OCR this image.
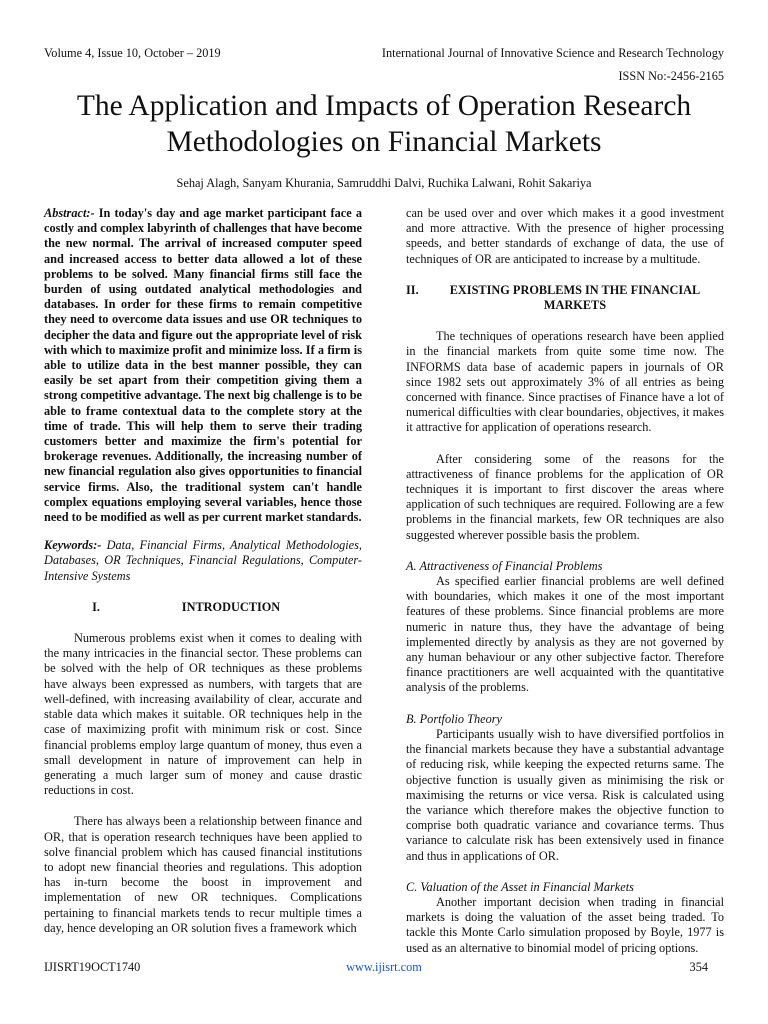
Volume 4, Issue 10, October – 2019	International Journal of Innovative Science and Research Technology
ISSN No:-2456-2165
The Application and Impacts of Operation Research Methodologies on Financial Markets
Sehaj Alagh, Sanyam Khurania, Samruddhi Dalvi, Ruchika Lalwani, Rohit Sakariya

Abstract:- In today's day and age market participant face a costly and complex labyrinth of challenges that have become the new normal. The arrival of increased computer speed and increased access to better data allowed a lot of these problems to be solved. Many financial firms still face the burden of using outdated analytical methodologies and databases. In order for these firms to remain competitive they need to overcome data issues and use OR techniques to decipher the data and figure out the appropriate level of risk with which to maximize profit and minimize loss. If a firm is able to utilize data in the best manner possible, they can easily be set apart from their competition giving them a strong competitive advantage. The next big challenge is to be able to frame contextual data to the complete story at the time of trade. This will help them to serve their trading customers better and maximize the firm's potential for brokerage revenues. Additionally, the increasing number of new financial regulation also gives opportunities to financial service firms. Also, the traditional system can't handle complex equations employing several variables, hence those need to be modified as well as per current market standards.

Keywords:- Data, Financial Firms, Analytical Methodologies, Databases, OR Techniques, Financial Regulations, Computer-Intensive Systems

I.	INTRODUCTION

Numerous problems exist when it comes to dealing with the many intricacies in the financial sector. These problems can be solved with the help of OR techniques as these problems have always been expressed as numbers, with targets that are well-defined, with increasing availability of clear, accurate and stable data which makes it suitable. OR techniques help in the case of maximizing profit with minimum risk or cost. Since financial problems employ large quantum of money, thus even a small development in nature of improvement can help in generating a much larger sum of money and cause drastic reductions in cost.

There has always been a relationship between finance and OR, that is operation research techniques have been applied to solve financial problem which has caused financial institutions to adopt new financial theories and regulations. This adoption has in-turn become the boost in improvement and implementation of new OR techniques. Complications pertaining to financial markets tends to recur multiple times a day, hence developing an OR solution fives a framework which

can be used over and over which makes it a good investment and more attractive. With the presence of higher processing speeds, and better standards of exchange of data, the use of techniques of OR are anticipated to increase by a multitude.

II.	EXISTING PROBLEMS IN THE FINANCIAL MARKETS

The techniques of operations research have been applied in the financial markets from quite some time now. The INFORMS data base of academic papers in journals of OR since 1982 sets out approximately 3% of all entries as being concerned with finance. Since practises of Finance have a lot of numerical difficulties with clear boundaries, objectives, it makes it attractive for application of operations research.

After considering some of the reasons for the attractiveness of finance problems for the application of OR techniques it is important to first discover the areas where application of such techniques are required. Following are a few problems in the financial markets, few OR techniques are also suggested wherever possible basis the problem.

A. Attractiveness of Financial Problems

As specified earlier financial problems are well defined with boundaries, which makes it one of the most important features of these problems. Since financial problems are more numeric in nature thus, they have the advantage of being implemented directly by analysis as they are not governed by any human behaviour or any other subjective factor. Therefore finance practitioners are well acquainted with the quantitative analysis of the problems.

B. Portfolio Theory

Participants usually wish to have diversified portfolios in the financial markets because they have a substantial advantage of reducing risk, while keeping the expected returns same. The objective function is usually given as minimising the risk or maximising the returns or vice versa. Risk is calculated using the variance which therefore makes the objective function to comprise both quadratic variance and covariance terms. Thus variance to calculate risk has been extensively used in finance and thus in applications of OR.

C. Valuation of the Asset in Financial Markets

Another important decision when trading in financial markets is doing the valuation of the asset being traded. To tackle this Monte Carlo simulation proposed by Boyle, 1977 is used as an alternative to binomial model of pricing options.

IJISRT19OCT1740	www.ijisrt.com	354
